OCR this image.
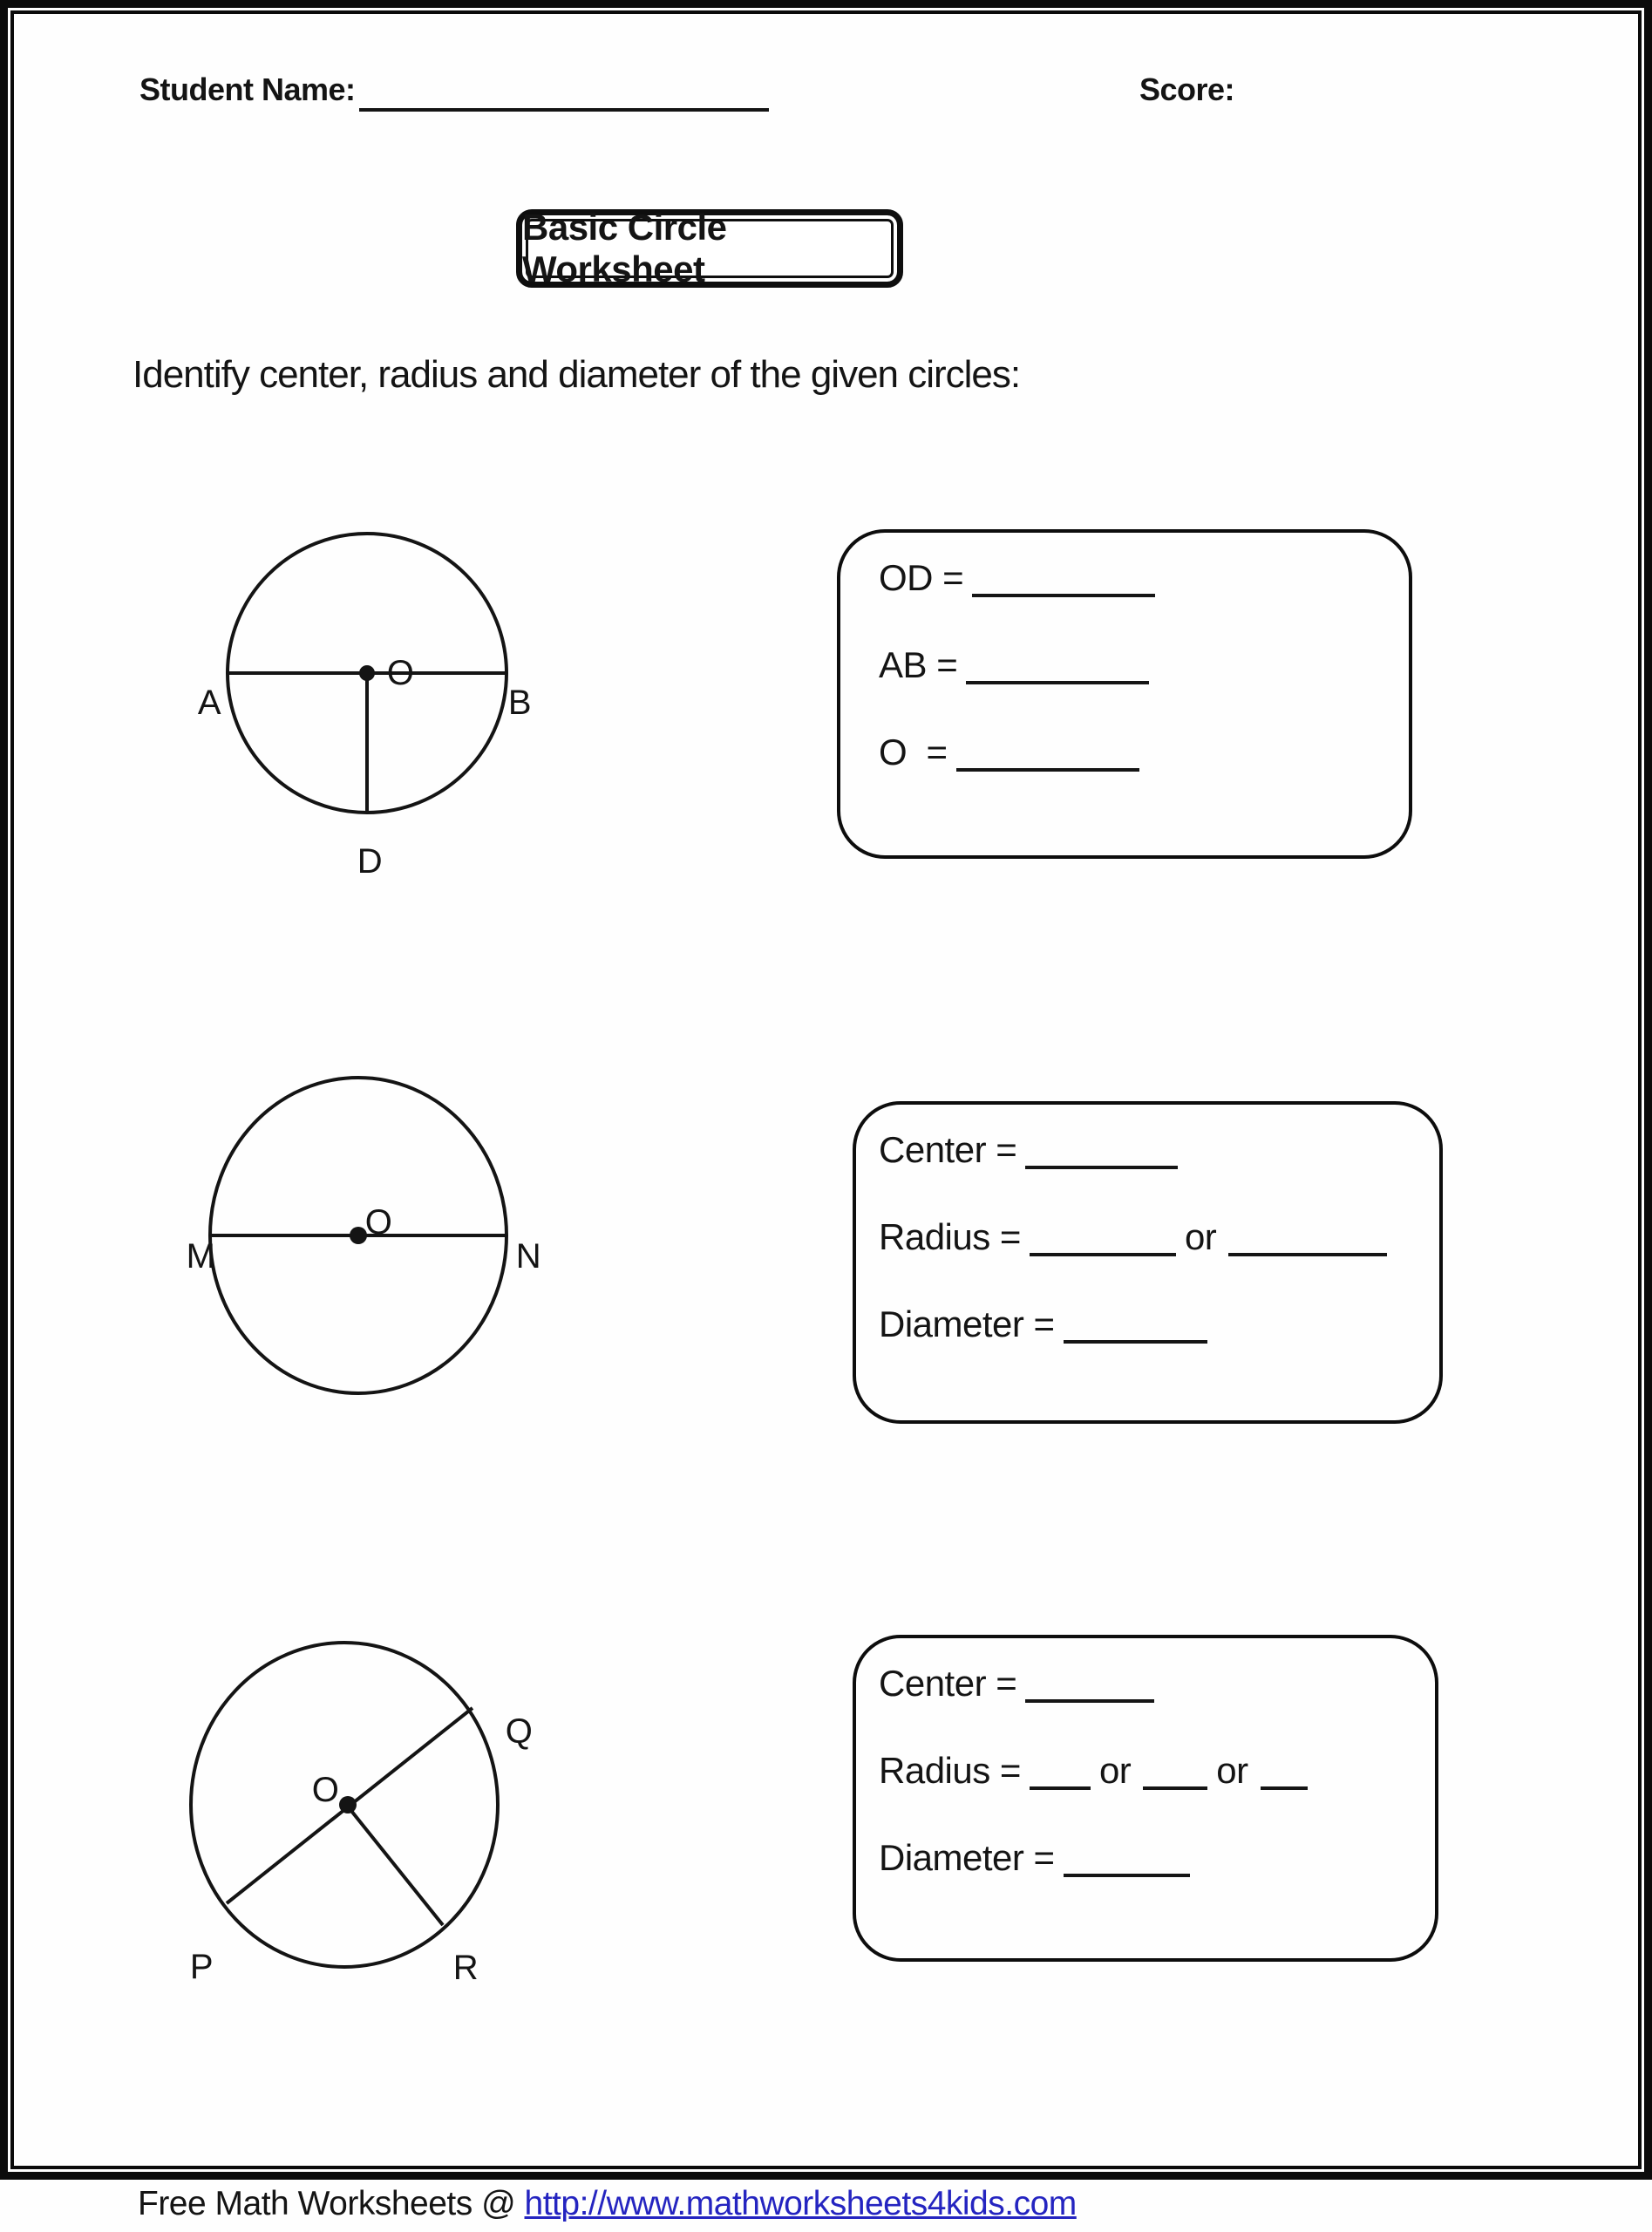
Student Name:	Score:
Basic Circle Worksheet
Identify center, radius and diameter of the given circles:
O
A	B
D
OD =
AB =
O  =
O
M	N
Center =
Radius =	or
Diameter =
O
P
Q
R
Center =
Radius = or or
Diameter =
Free Math Worksheets @ http://www.mathworksheets4kids.com
